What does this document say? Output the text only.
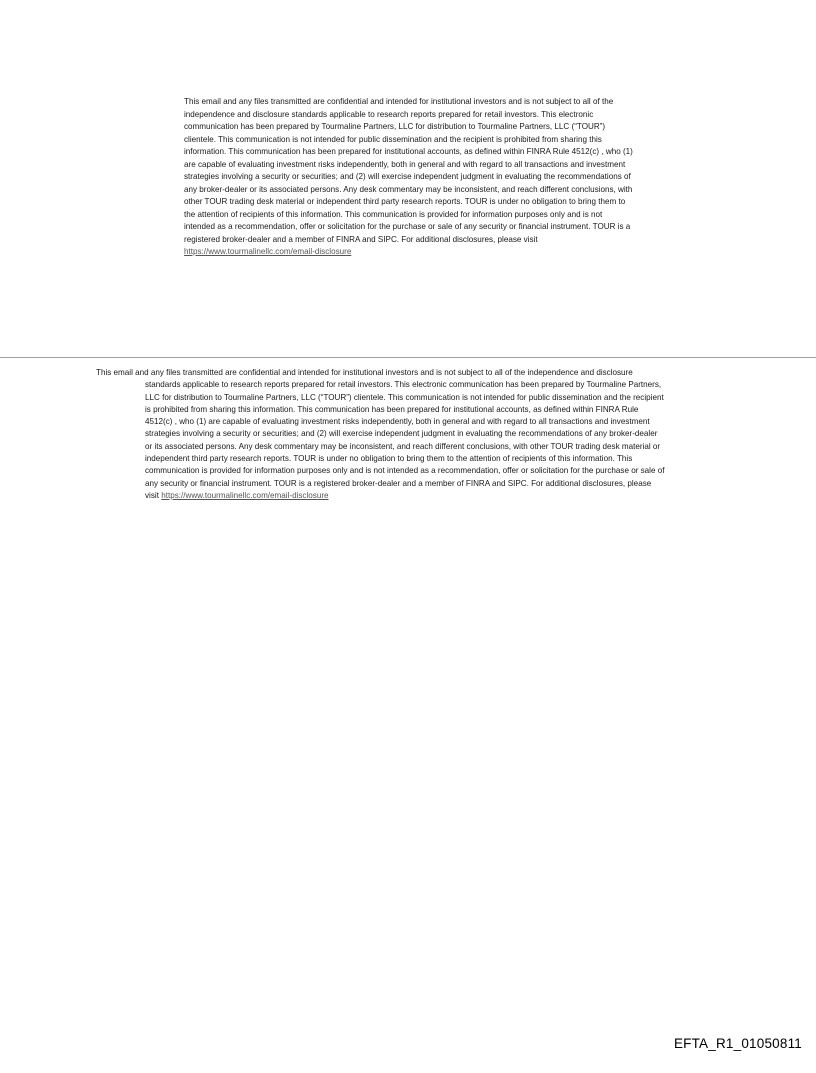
This email and any files transmitted are confidential and intended for institutional investors and is not subject to all of the independence and disclosure standards applicable to research reports prepared for retail investors. This electronic communication has been prepared by Tourmaline Partners, LLC for distribution to Tourmaline Partners, LLC (“TOUR”) clientele. This communication is not intended for public dissemination and the recipient is prohibited from sharing this information. This communication has been prepared for institutional accounts, as defined within FINRA Rule 4512(c) , who (1) are capable of evaluating investment risks independently, both in general and with regard to all transactions and investment strategies involving a security or securities; and (2) will exercise independent judgment in evaluating the recommendations of any broker-dealer or its associated persons. Any desk commentary may be inconsistent, and reach different conclusions, with other TOUR trading desk material or independent third party research reports. TOUR is under no obligation to bring them to the attention of recipients of this information. This communication is provided for information purposes only and is not intended as a recommendation, offer or solicitation for the purchase or sale of any security or financial instrument. TOUR is a registered broker-dealer and a member of FINRA and SIPC. For additional disclosures, please visit https://www.tourmalinellc.com/email-disclosure
This email and any files transmitted are confidential and intended for institutional investors and is not subject to all of the independence and disclosure standards applicable to research reports prepared for retail investors. This electronic communication has been prepared by Tourmaline Partners, LLC for distribution to Tourmaline Partners, LLC (“TOUR”) clientele. This communication is not intended for public dissemination and the recipient is prohibited from sharing this information. This communication has been prepared for institutional accounts, as defined within FINRA Rule 4512(c) , who (1) are capable of evaluating investment risks independently, both in general and with regard to all transactions and investment strategies involving a security or securities; and (2) will exercise independent judgment in evaluating the recommendations of any broker-dealer or its associated persons. Any desk commentary may be inconsistent, and reach different conclusions, with other TOUR trading desk material or independent third party research reports. TOUR is under no obligation to bring them to the attention of recipients of this information. This communication is provided for information purposes only and is not intended as a recommendation, offer or solicitation for the purchase or sale of any security or financial instrument. TOUR is a registered broker-dealer and a member of FINRA and SIPC. For additional disclosures, please visit https://www.tourmalinellc.com/email-disclosure
EFTA_R1_01050811
